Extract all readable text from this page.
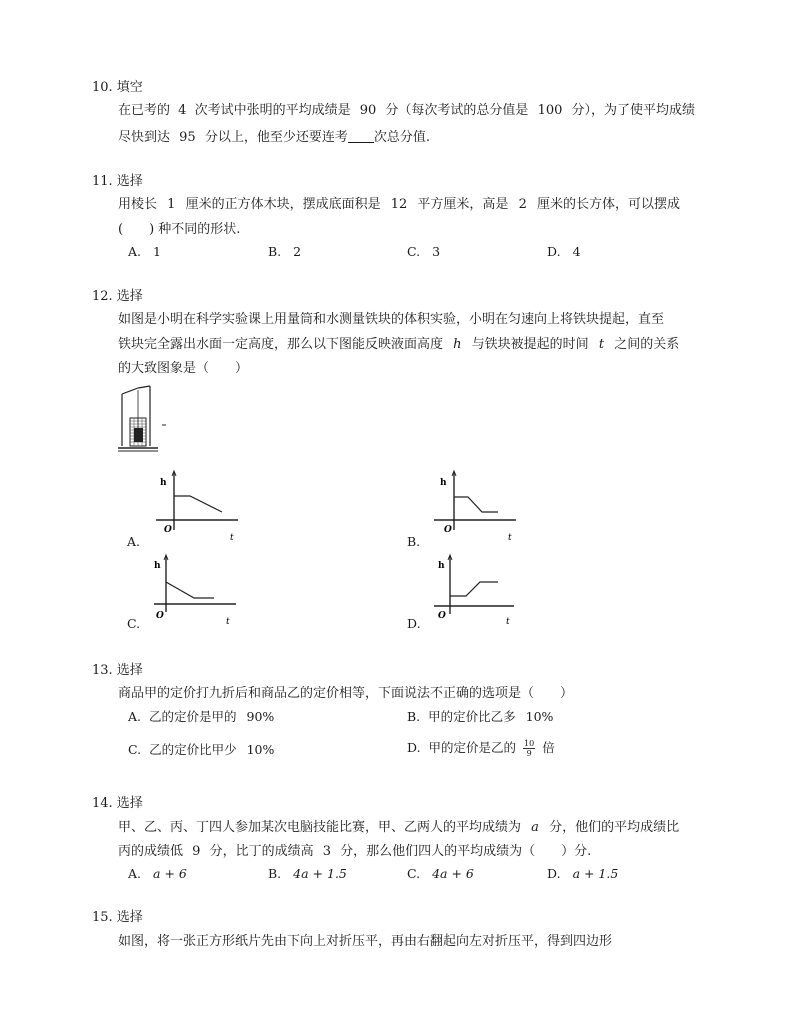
10. 填空
在已考的 4 次考试中张明的平均成绩是 90 分（每次考试的总分值是 100 分），为了使平均成绩
尽快到达 95 分以上，他至少还要连考 次总分值.
11. 选择
用棱长 1 厘米的正方体木块，摆成底面积是 12 平方厘米，高是 2 厘米的长方体，可以摆成
(　　) 种不同的形状.
A. 1	B. 2	C. 3	D. 4
12. 选择
如图是小明在科学实验课上用量筒和水测量铁块的体积实验，小明在匀速向上将铁块提起，直至
铁块完全露出水面一定高度，那么以下图能反映液面高度 h 与铁块被提起的时间 t 之间的关系
的大致图象是（　　）
A.
h
O
t	B.
h
O
t
C.
h
O
t	D.
h
O
t
13. 选择
商品甲的定价打九折后和商品乙的定价相等，下面说法不正确的选项是（　　）
A. 乙的定价是甲的 90%	B. 甲的定价比乙多 10%
C. 乙的定价比甲少 10%	D. 甲的定价是乙的 $\frac{10}{9}$ 倍
14. 选择
甲、乙、丙、丁四人参加某次电脑技能比赛，甲、乙两人的平均成绩为 a 分，他们的平均成绩比
丙的成绩低 9 分，比丁的成绩高 3 分，那么他们四人的平均成绩为（　　）分.
A. a + 6	B. 4a + 1.5	C. 4a + 6	D. a + 1.5
15. 选择
如图，将一张正方形纸片先由下向上对折压平，再由右翻起向左对折压平，得到四边形
